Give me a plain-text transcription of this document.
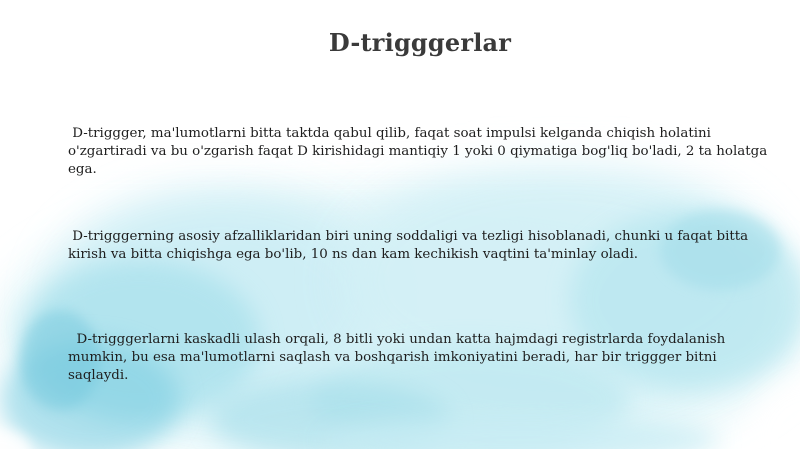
D-trigggerlar
D-triggger, ma'lumotlarni bitta taktda qabul qilib, faqat soat impulsi kelganda chiqish holatini o'zgartiradi va bu o'zgarish faqat D kirishidagi mantiqiy 1 yoki 0 qiymatiga bog'liq bo'ladi, 2 ta holatga ega.
D-trigggerning asosiy afzalliklaridan biri uning soddaligi va tezligi hisoblanadi, chunki u faqat bitta kirish va bitta chiqishga ega bo'lib, 10 ns dan kam kechikish vaqtini ta'minlay oladi.
D-trigggerlarni kaskadli ulash orqali, 8 bitli yoki undan katta hajmdagi registrlarda foydalanish mumkin, bu esa ma'lumotlarni saqlash va boshqarish imkoniyatini beradi, har bir triggger bitni saqlaydi.
